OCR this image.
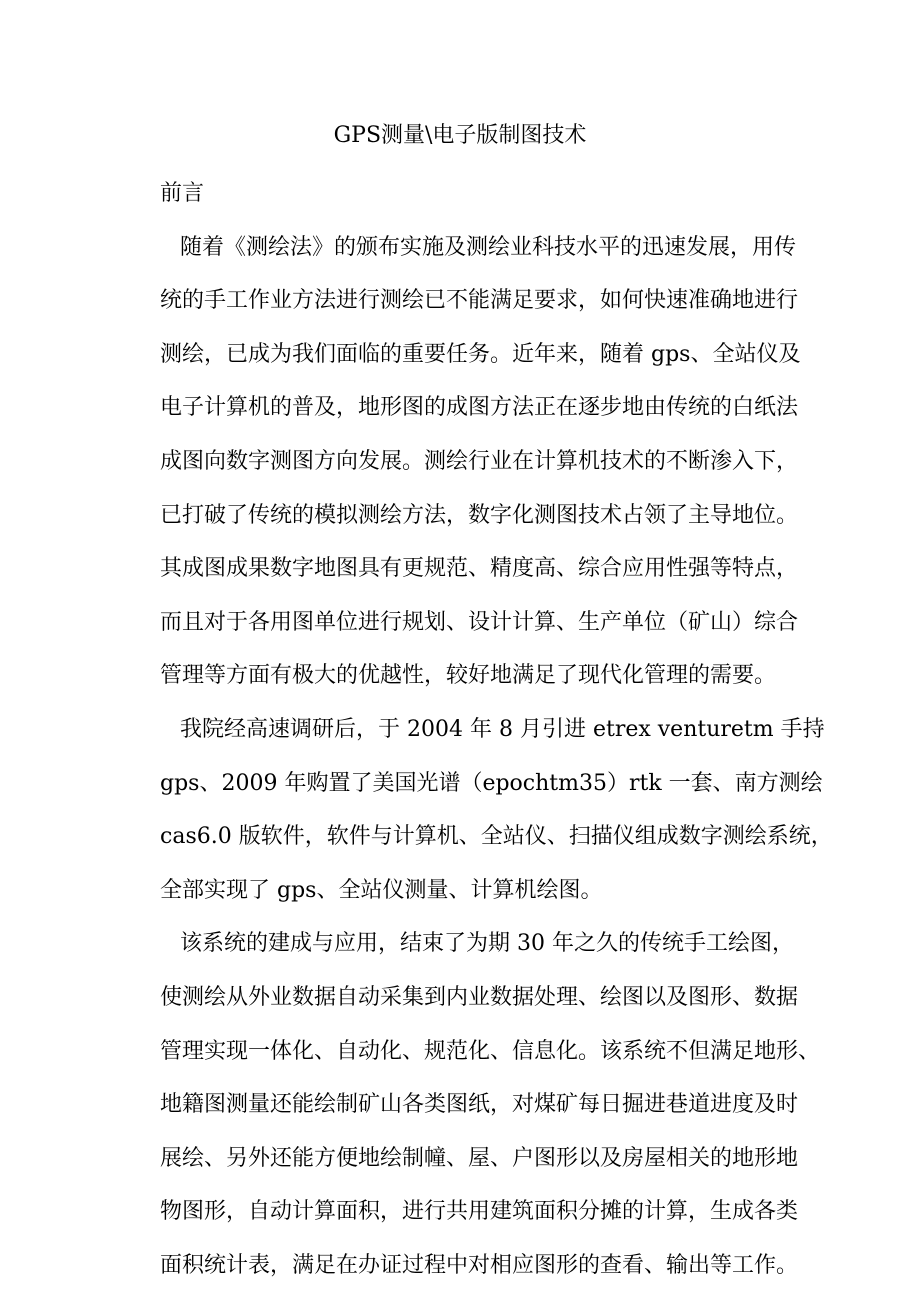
GPS测量\电子版制图技术
前言
随着《测绘法》的颁布实施及测绘业科技水平的迅速发展，用传
统的手工作业方法进行测绘已不能满足要求，如何快速准确地进行
测绘，已成为我们面临的重要任务。近年来，随着 gps、全站仪及
电子计算机的普及，地形图的成图方法正在逐步地由传统的白纸法
成图向数字测图方向发展。测绘行业在计算机技术的不断渗入下，
已打破了传统的模拟测绘方法，数字化测图技术占领了主导地位。
其成图成果数字地图具有更规范、精度高、综合应用性强等特点，
而且对于各用图单位进行规划、设计计算、生产单位（矿山）综合
管理等方面有极大的优越性，较好地满足了现代化管理的需要。
我院经高速调研后，于 2004 年 8 月引进 etrex venturetm 手持
gps、2009 年购置了美国光谱（epochtm35）rtk 一套、南方测绘
cas6.0 版软件，软件与计算机、全站仪、扫描仪组成数字测绘系统，
全部实现了 gps、全站仪测量、计算机绘图。
该系统的建成与应用，结束了为期 30 年之久的传统手工绘图，
使测绘从外业数据自动采集到内业数据处理、绘图以及图形、数据
管理实现一体化、自动化、规范化、信息化。该系统不但满足地形、
地籍图测量还能绘制矿山各类图纸，对煤矿每日掘进巷道进度及时
展绘、另外还能方便地绘制幢、屋、户图形以及房屋相关的地形地
物图形，自动计算面积，进行共用建筑面积分摊的计算，生成各类
面积统计表，满足在办证过程中对相应图形的查看、输出等工作。
